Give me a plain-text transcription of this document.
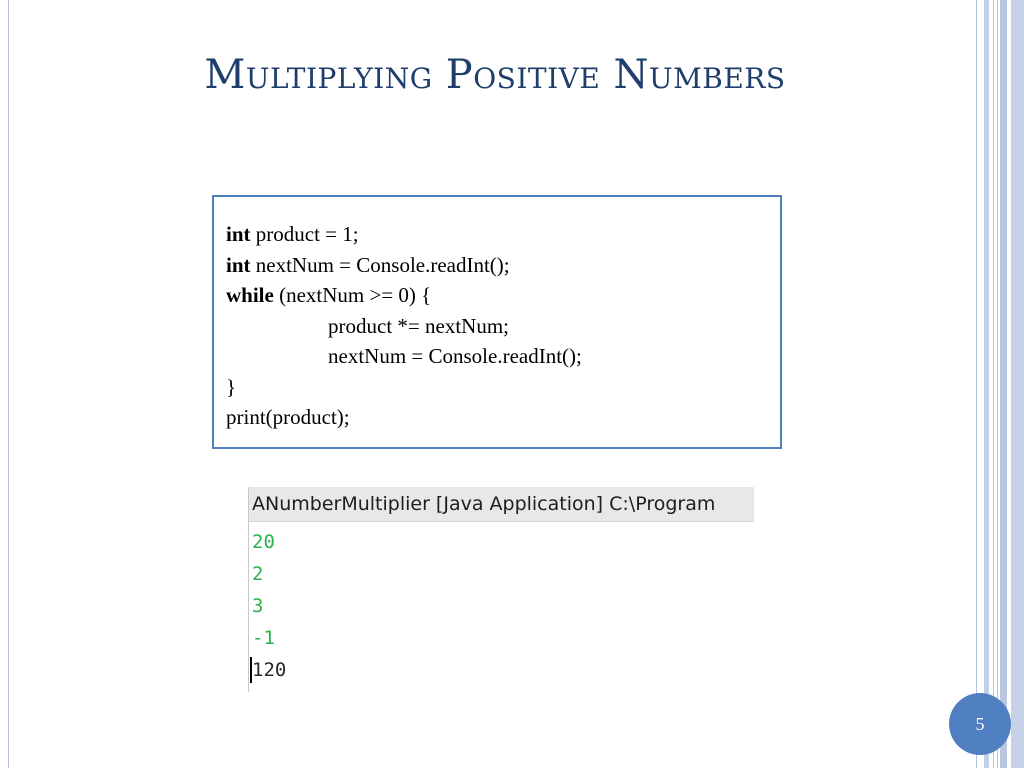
Multiplying Positive Numbers
int product = 1;
int nextNum = Console.readInt();
while (nextNum >= 0) {
product *= nextNum;
nextNum = Console.readInt();
}
print(product);
ANumberMultiplier [Java Application] C:\Program
20
2
3
-1
120
5
